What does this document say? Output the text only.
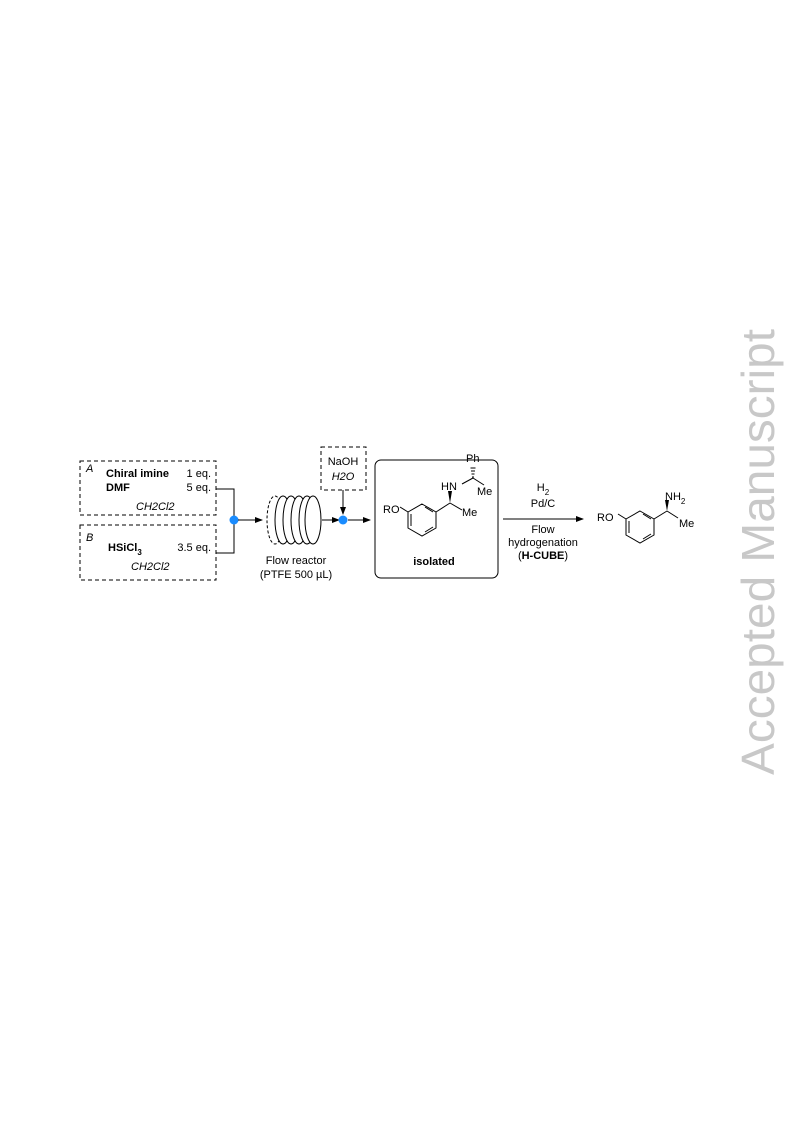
A Chiral imine 1 eq.
DMF	5 eq.
CH2Cl2
B
HSiCl$_3$	3.5 eq.
CH2Cl2	Flow reactor
(PTFE 500 µL)
NaOH
H2O
RO
HN
Ph
Me
Me
isolated
$H_2$
Pd/C
Flow
hydrogenation
(H-CUBE)
RO
$NH_2$
Me Accepted Manuscript
